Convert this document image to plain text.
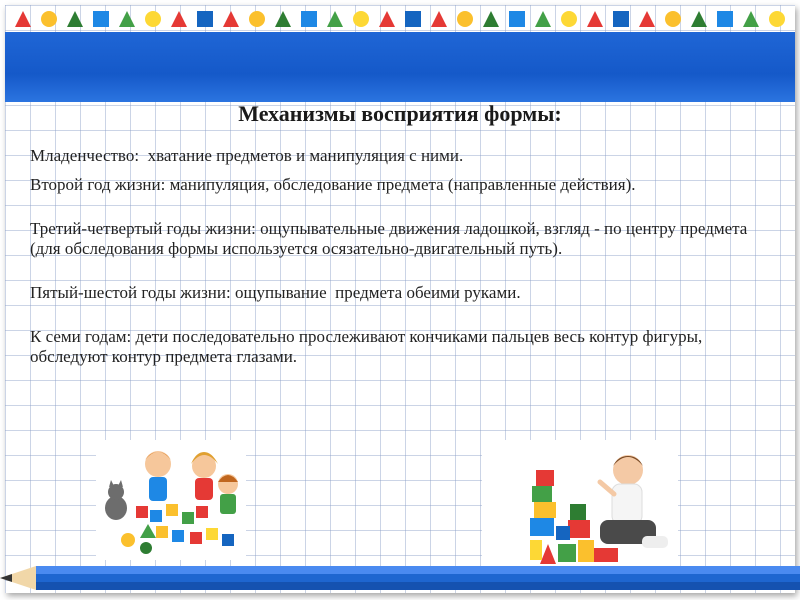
Механизмы восприятия формы:

Младенчество:  хватание предметов и манипуляция с ними.

Второй год жизни: манипуляция, обследование предмета (направленные действия).

Третий-четвертый годы жизни: ощупывательные движения ладошкой, взгляд - по центру предмета (для обследования формы используется осязательно-двигательный путь).

Пятый-шестой годы жизни: ощупывание  предмета обеими руками.

К семи годам: дети последовательно прослеживают кончиками пальцев весь контур фигуры, обследуют контур предмета глазами.
